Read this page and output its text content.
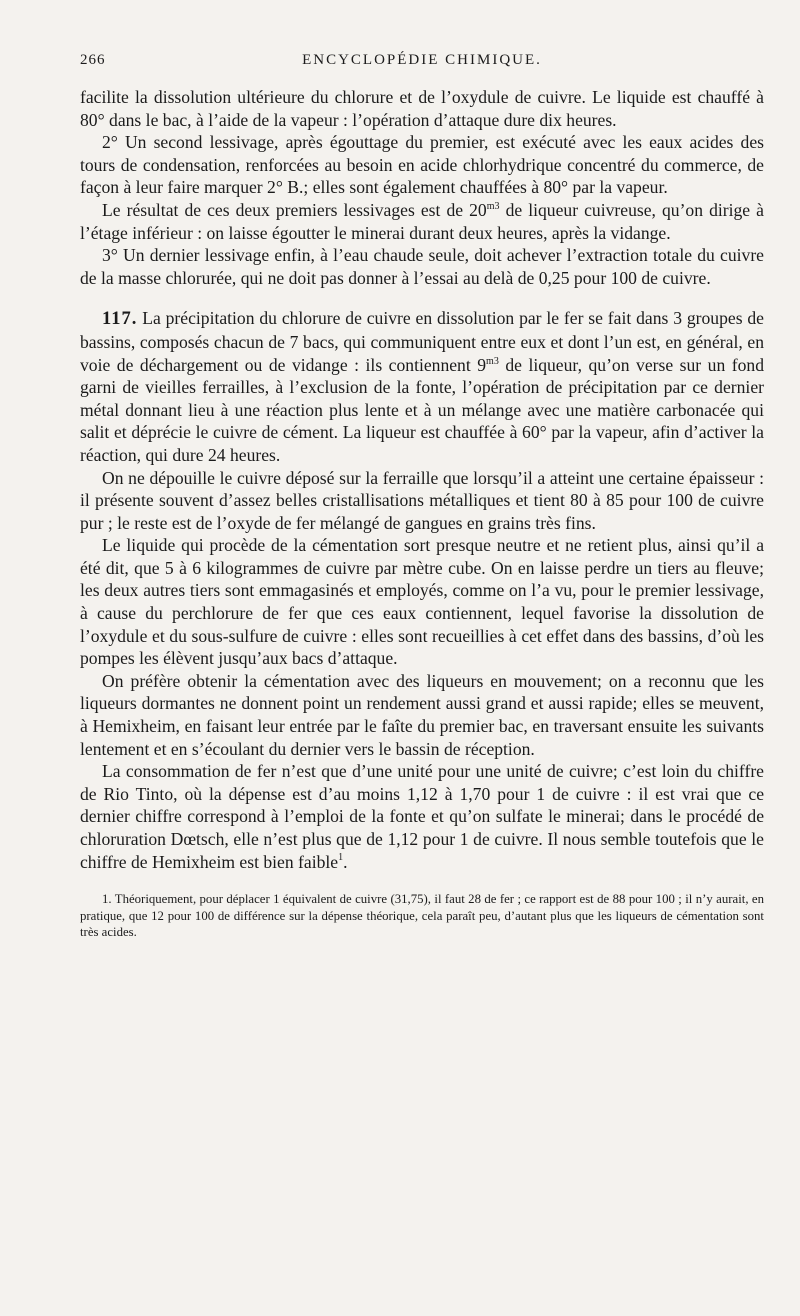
266	ENCYCLOPÉDIE CHIMIQUE.

facilite la dissolution ultérieure du chlorure et de l’oxydule de cuivre. Le liquide est chauffé à 80° dans le bac, à l’aide de la vapeur : l’opération d’attaque dure dix heures.

2° Un second lessivage, après égouttage du premier, est exécuté avec les eaux acides des tours de condensation, renforcées au besoin en acide chlorhydrique concentré du commerce, de façon à leur faire marquer 2° B.; elles sont également chauffées à 80° par la vapeur.

Le résultat de ces deux premiers lessivages est de $20^{m3}$ de liqueur cuivreuse, qu’on dirige à l’étage inférieur : on laisse égoutter le minerai durant deux heures, après la vidange.

3° Un dernier lessivage enfin, à l’eau chaude seule, doit achever l’extraction totale du cuivre de la masse chlorurée, qui ne doit pas donner à l’essai au delà de 0,25 pour 100 de cuivre.

117. La précipitation du chlorure de cuivre en dissolution par le fer se fait dans 3 groupes de bassins, composés chacun de 7 bacs, qui communiquent entre eux et dont l’un est, en général, en voie de déchargement ou de vidange : ils contiennent $9^{m3}$ de liqueur, qu’on verse sur un fond garni de vieilles ferrailles, à l’exclusion de la fonte, l’opération de précipitation par ce dernier métal donnant lieu à une réaction plus lente et à un mélange avec une matière carbonacée qui salit et déprécie le cuivre de cément. La liqueur est chauffée à 60° par la vapeur, afin d’activer la réaction, qui dure 24 heures.

On ne dépouille le cuivre déposé sur la ferraille que lorsqu’il a atteint une certaine épaisseur : il présente souvent d’assez belles cristallisations métalliques et tient 80 à 85 pour 100 de cuivre pur ; le reste est de l’oxyde de fer mélangé de gangues en grains très fins.

Le liquide qui procède de la cémentation sort presque neutre et ne retient plus, ainsi qu’il a été dit, que 5 à 6 kilogrammes de cuivre par mètre cube. On en laisse perdre un tiers au fleuve; les deux autres tiers sont emmagasinés et employés, comme on l’a vu, pour le premier lessivage, à cause du perchlorure de fer que ces eaux contiennent, lequel favorise la dissolution de l’oxydule et du sous-sulfure de cuivre : elles sont recueillies à cet effet dans des bassins, d’où les pompes les élèvent jusqu’aux bacs d’attaque.

On préfère obtenir la cémentation avec des liqueurs en mouvement; on a reconnu que les liqueurs dormantes ne donnent point un rendement aussi grand et aussi rapide; elles se meuvent, à Hemixheim, en faisant leur entrée par le faîte du premier bac, en traversant ensuite les suivants lentement et en s’écoulant du dernier vers le bassin de réception.

La consommation de fer n’est que d’une unité pour une unité de cuivre; c’est loin du chiffre de Rio Tinto, où la dépense est d’au moins 1,12 à 1,70 pour 1 de cuivre : il est vrai que ce dernier chiffre correspond à l’emploi de la fonte et qu’on sulfate le minerai; dans le procédé de chloruration Dœtsch, elle n’est plus que de 1,12 pour 1 de cuivre. Il nous semble toutefois que le chiffre de Hemixheim est bien faible$^1$.

1. Théoriquement, pour déplacer 1 équivalent de cuivre (31,75), il faut 28 de fer ; ce rapport est de 88 pour 100 ; il n’y aurait, en pratique, que 12 pour 100 de différence sur la dépense théorique, cela paraît peu, d’autant plus que les liqueurs de cémentation sont très acides.
